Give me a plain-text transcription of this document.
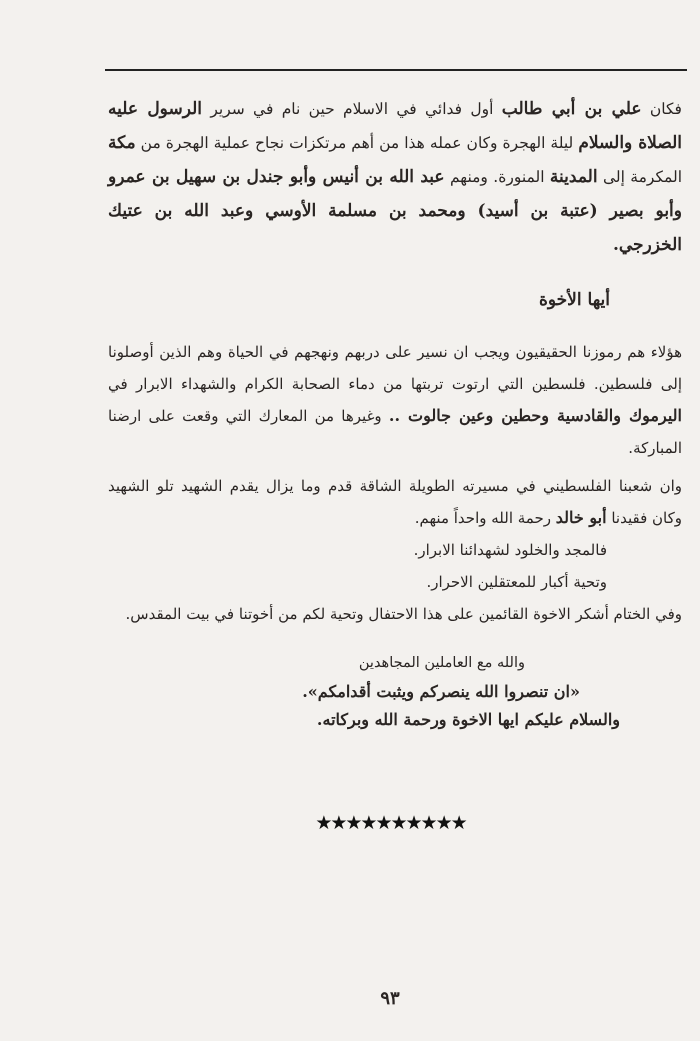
فكان علي بن أبي طالب أول فدائي في الاسلام حين نام في سرير الرسول عليه الصلاة والسلام ليلة الهجرة وكان عمله هذا من أهم مرتكزات نجاح عملية الهجرة من مكة المكرمة إلى المدينة المنورة. ومنهم عبد الله بن أنيس وأبو جندل بن سهيل بن عمرو وأبو بصير (عتبة بن أسيد) ومحمد بن مسلمة الأوسي وعبد الله بن عتيك الخزرجي.

أيها الأخوة

هؤلاء هم رموزنا الحقيقيون ويجب ان نسير على دربهم ونهجهم في الحياة وهم الذين أوصلونا إلى فلسطين. فلسطين التي ارتوت تربتها من دماء الصحابة الكرام والشهداء الابرار في اليرموك والقادسية وحطين وعين جالوت .. وغيرها من المعارك التي وقعت على ارضنا المباركة.

وان شعبنا الفلسطيني في مسيرته الطويلة الشاقة قدم وما يزال يقدم الشهيد تلو الشهيد وكان فقيدنا أبو خالد رحمة الله واحداً منهم.

فالمجد والخلود لشهدائنا الابرار.

وتحية أكبار للمعتقلين الاحرار.

وفي الختام أشكر الاخوة القائمين على هذا الاحتفال وتحية لكم من أخوتنا في بيت المقدس.

والله مع العاملين المجاهدين

«ان تنصروا الله ينصركم ويثبت أقدامكم».

والسلام عليكم ايها الاخوة ورحمة الله وبركاته.

★★★★★★★★★★
٩٣
